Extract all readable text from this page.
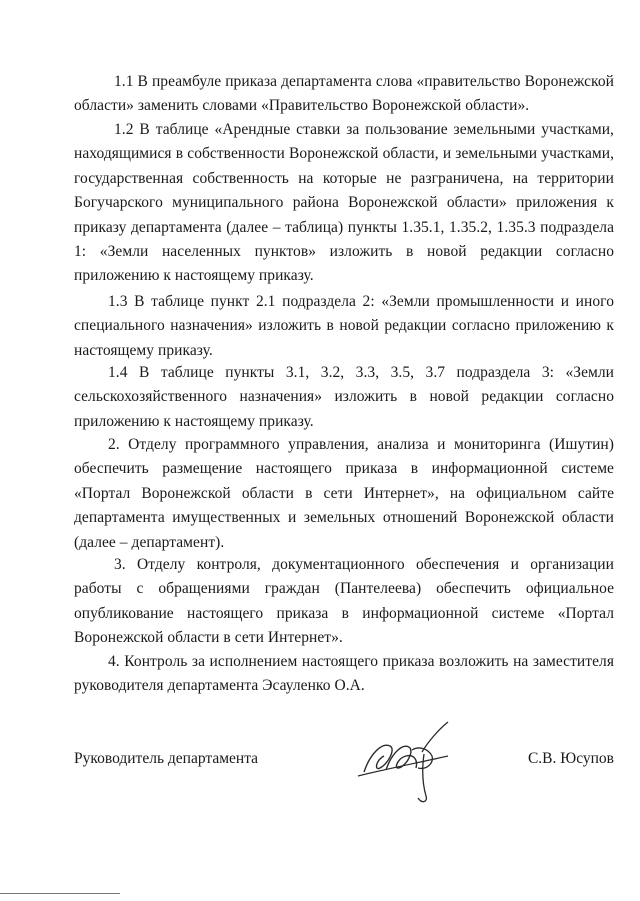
1.1 В преамбуле приказа департамента слова «правительство Воронежской области» заменить словами «Правительство Воронежской области».

1.2 В таблице «Арендные ставки за пользование земельными участками, находящимися в собственности Воронежской области, и земельными участками, государственная собственность на которые не разграничена, на территории Богучарского муниципального района Воронежской области» приложения к приказу департамента (далее – таблица) пункты 1.35.1, 1.35.2, 1.35.3 подраздела 1: «Земли населенных пунктов» изложить в новой редакции согласно приложению к настоящему приказу.

1.3 В таблице пункт 2.1 подраздела 2: «Земли промышленности и иного специального назначения» изложить в новой редакции согласно приложению к настоящему приказу.

1.4 В таблице пункты 3.1, 3.2, 3.3, 3.5, 3.7 подраздела 3: «Земли сельскохозяйственного назначения» изложить в новой редакции согласно приложению к настоящему приказу.

2. Отделу программного управления, анализа и мониторинга (Ишутин) обеспечить размещение настоящего приказа в информационной системе «Портал Воронежской области в сети Интернет», на официальном сайте департамента имущественных и земельных отношений Воронежской области (далее – департамент).

3. Отделу контроля, документационного обеспечения и организации работы с обращениями граждан (Пантелеева) обеспечить официальное опубликование настоящего приказа в информационной системе «Портал Воронежской области в сети Интернет».

4. Контроль за исполнением настоящего приказа возложить на заместителя руководителя департамента Эсауленко О.А.

Руководитель департамента	С.В. Юсупов
